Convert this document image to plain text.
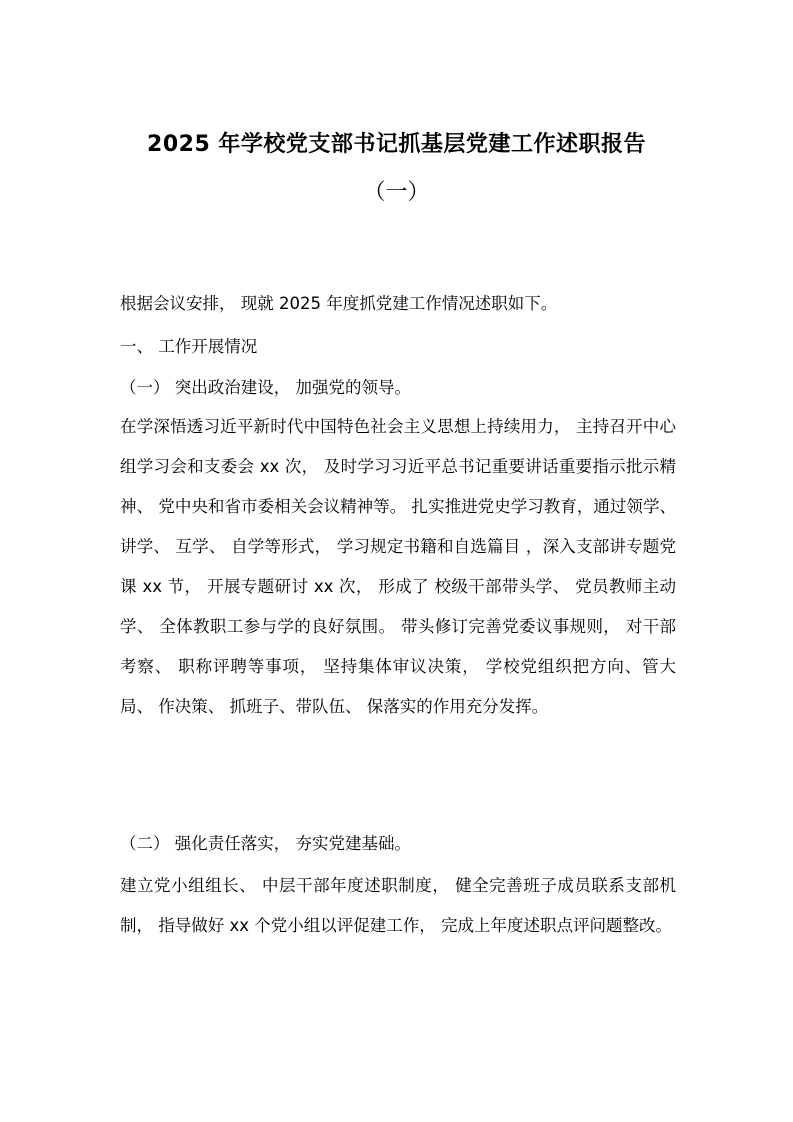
2025 年学校党支部书记抓基层党建工作述职报告
（一）

根据会议安排， 现就 2025 年度抓党建工作情况述职如下。

一、 工作开展情况

（一） 突出政治建设， 加强党的领导。

在学深悟透习近平新时代中国特色社会主义思想上持续用力， 主持召开中心组学习会和支委会 xx 次， 及时学习习近平总书记重要讲话重要指示批示精神、 党中央和省市委相关会议精神等。 扎实推进党史学习教育，通过领学、 讲学、 互学、 自学等形式， 学习规定书籍和自选篇目 ，深入支部讲专题党课 xx 节， 开展专题研讨 xx 次， 形成了 校级干部带头学、 党员教师主动学、 全体教职工参与学的良好氛围。 带头修订完善党委议事规则， 对干部考察、 职称评聘等事项， 坚持集体审议决策， 学校党组织把方向、管大局、 作决策、 抓班子、带队伍、 保落实的作用充分发挥。

（二） 强化责任落实， 夯实党建基础。

建立党小组组长、 中层干部年度述职制度， 健全完善班子成员联系支部机制， 指导做好 xx 个党小组以评促建工作， 完成上年度述职点评问题整改。
